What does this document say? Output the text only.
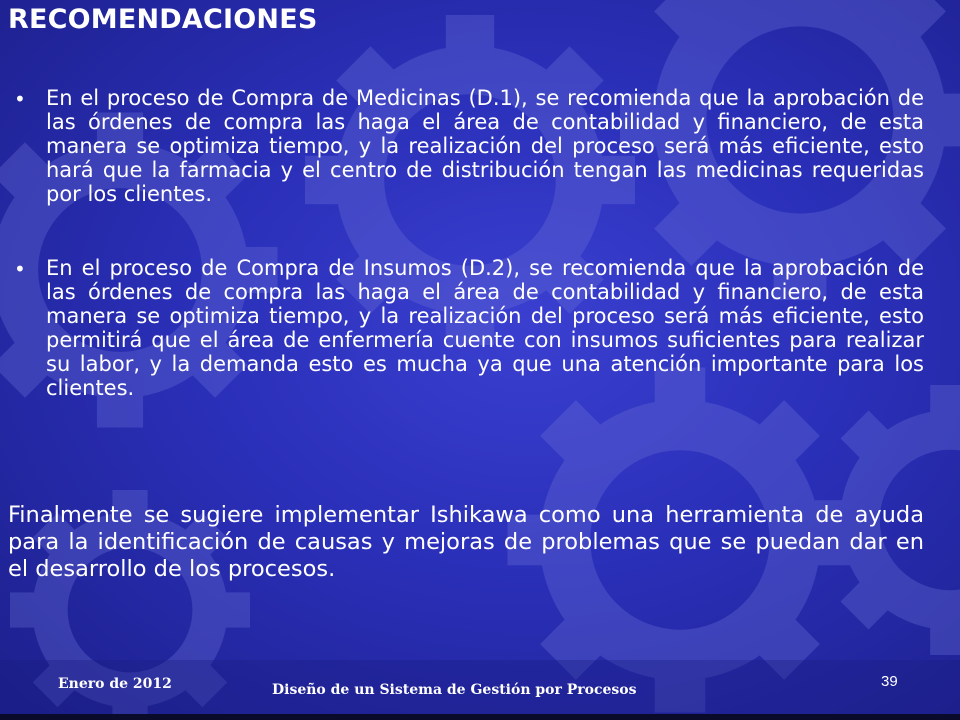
RECOMENDACIONES
• En el proceso de Compra de Medicinas (D.1), se recomienda que la aprobación de las órdenes de compra las haga el área de contabilidad y financiero, de esta manera se optimiza tiempo, y la realización del proceso será más eficiente, esto hará que la farmacia y el centro de distribución tengan las medicinas requeridas por los clientes.
• En el proceso de Compra de Insumos (D.2), se recomienda que la aprobación de las órdenes de compra las haga el área de contabilidad y financiero, de esta manera se optimiza tiempo, y la realización del proceso será más eficiente, esto permitirá que el área de enfermería cuente con insumos suficientes para realizar su labor, y la demanda esto es mucha ya que una atención importante para los clientes.
Finalmente se sugiere implementar Ishikawa como una herramienta de ayuda para la identificación de causas y mejoras de problemas que se puedan dar en el desarrollo de los procesos.
Enero de 2012	Diseño de un Sistema de Gestión por Procesos	39
